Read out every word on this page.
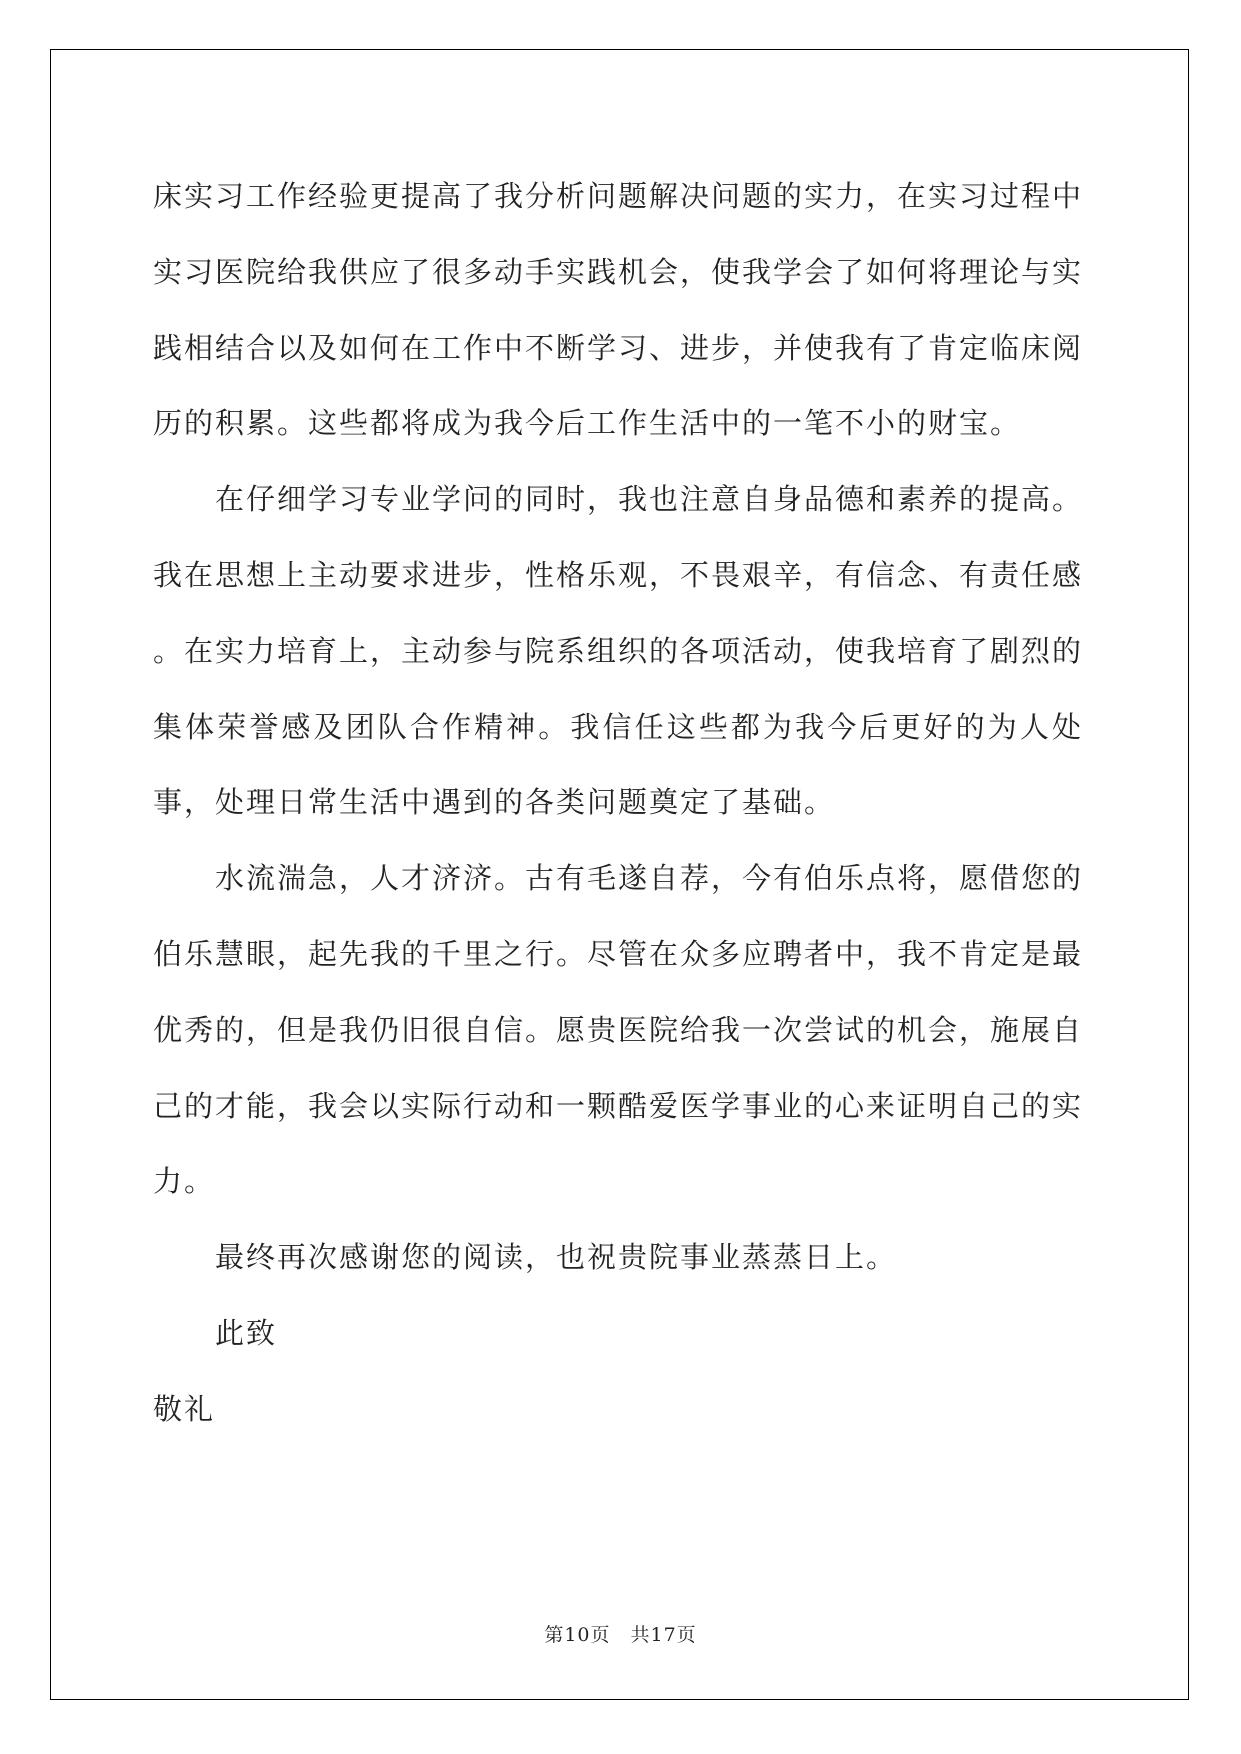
床实习工作经验更提高了我分析问题解决问题的实力，在实习过程中实习医院给我供应了很多动手实践机会，使我学会了如何将理论与实践相结合以及如何在工作中不断学习、进步，并使我有了肯定临床阅历的积累。这些都将成为我今后工作生活中的一笔不小的财宝。

在仔细学习专业学问的同时，我也注意自身品德和素养的提高。我在思想上主动要求进步，性格乐观，不畏艰辛，有信念、有责任感 。在实力培育上，主动参与院系组织的各项活动，使我培育了剧烈的集体荣誉感及团队合作精神。我信任这些都为我今后更好的为人处事，处理日常生活中遇到的各类问题奠定了基础。

水流湍急，人才济济。古有毛遂自荐，今有伯乐点将，愿借您的伯乐慧眼，起先我的千里之行。尽管在众多应聘者中，我不肯定是最优秀的，但是我仍旧很自信。愿贵医院给我一次尝试的机会，施展自己的才能，我会以实际行动和一颗酷爱医学事业的心来证明自己的实力。

最终再次感谢您的阅读，也祝贵院事业蒸蒸日上。

此致

敬礼

第10页 共17页
